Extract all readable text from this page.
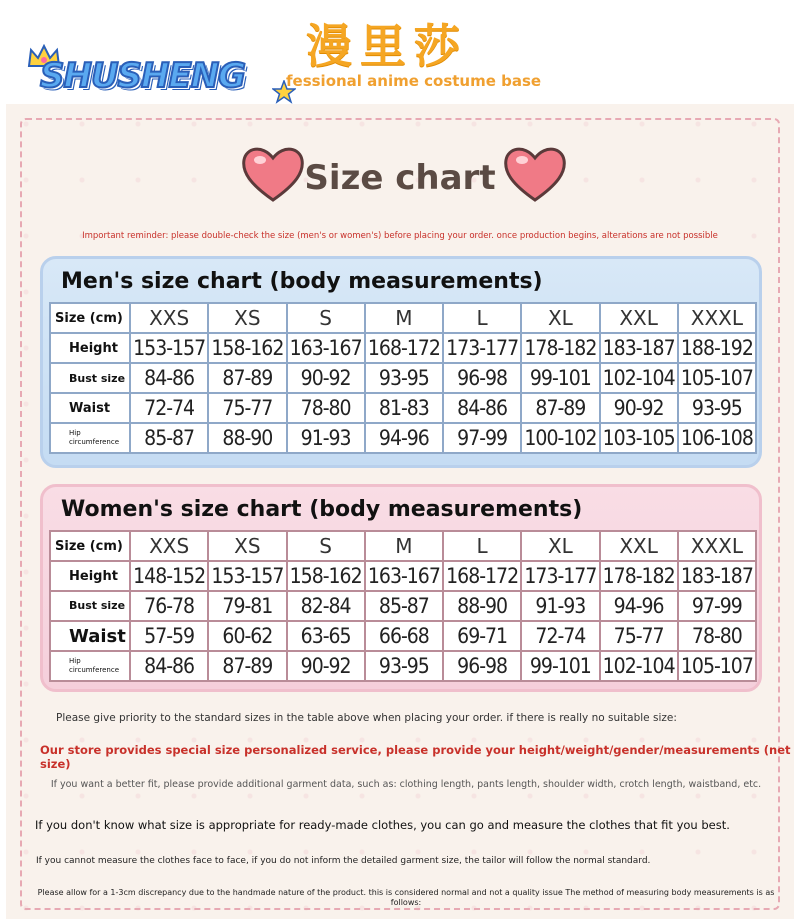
漫里莎
SHUSHENG	fessional anime costume base
Size chart
Important reminder: please double-check the size (men's or women's) before placing your order. once production begins, alterations are not possible
Men's size chart (body measurements)
Size (cm)	XXS	XS	S	M	L	XL	XXL	XXXL
Height	153-157	158-162	163-167	168-172	173-177	178-182	183-187	188-192
Bust size	84-86	87-89	90-92	93-95	96-98	99-101	102-104	105-107
Waist	72-74	75-77	78-80	81-83	84-86	87-89	90-92	93-95
Hip circumference	85-87	88-90	91-93	94-96	97-99	100-102	103-105	106-108
Women's size chart (body measurements)
Size (cm)	XXS	XS	S	M	L	XL	XXL	XXXL
Height	148-152	153-157	158-162	163-167	168-172	173-177	178-182	183-187
Bust size	76-78	79-81	82-84	85-87	88-90	91-93	94-96	97-99
Waist	57-59	60-62	63-65	66-68	69-71	72-74	75-77	78-80
Hip circumference	84-86	87-89	90-92	93-95	96-98	99-101	102-104	105-107
Please give priority to the standard sizes in the table above when placing your order. if there is really no suitable size:
Our store provides special size personalized service, please provide your height/weight/gender/measurements (net size)
If you want a better fit, please provide additional garment data, such as: clothing length, pants length, shoulder width, crotch length, waistband, etc.
If you don't know what size is appropriate for ready-made clothes, you can go and measure the clothes that fit you best.
If you cannot measure the clothes face to face, if you do not inform the detailed garment size, the tailor will follow the normal standard.
Please allow for a 1-3cm discrepancy due to the handmade nature of the product. this is considered normal and not a quality issue The method of measuring body measurements is as follows:
